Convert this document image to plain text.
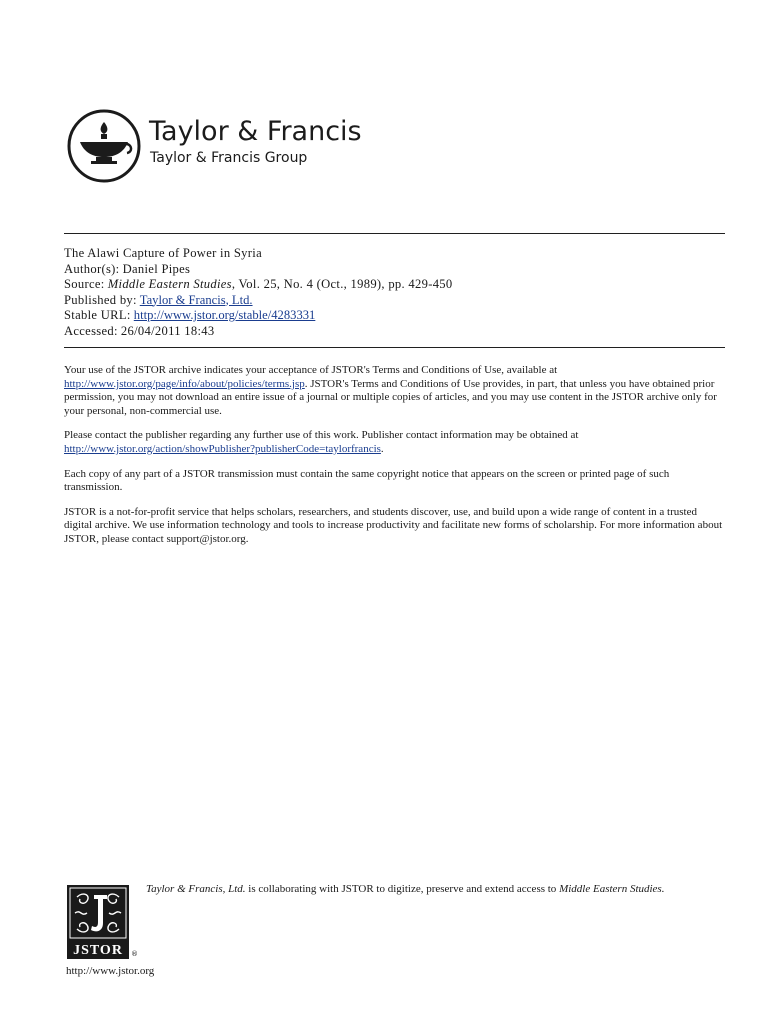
Taylor & Francis
Taylor & Francis Group
The Alawi Capture of Power in Syria
Author(s): Daniel Pipes
Source: Middle Eastern Studies, Vol. 25, No. 4 (Oct., 1989), pp. 429-450
Published by: Taylor & Francis, Ltd.
Stable URL: http://www.jstor.org/stable/4283331
Accessed: 26/04/2011 18:43

Your use of the JSTOR archive indicates your acceptance of JSTOR's Terms and Conditions of Use, available at http://www.jstor.org/page/info/about/policies/terms.jsp. JSTOR's Terms and Conditions of Use provides, in part, that unless you have obtained prior permission, you may not download an entire issue of a journal or multiple copies of articles, and you may use content in the JSTOR archive only for your personal, non-commercial use.

Please contact the publisher regarding any further use of this work. Publisher contact information may be obtained at http://www.jstor.org/action/showPublisher?publisherCode=taylorfrancis.

Each copy of any part of a JSTOR transmission must contain the same copyright notice that appears on the screen or printed page of such transmission.

JSTOR is a not-for-profit service that helps scholars, researchers, and students discover, use, and build upon a wide range of content in a trusted digital archive. We use information technology and tools to increase productivity and facilitate new forms of scholarship. For more information about JSTOR, please contact support@jstor.org.

JSTOR ®
Taylor & Francis, Ltd. is collaborating with JSTOR to digitize, preserve and extend access to Middle Eastern Studies.
http://www.jstor.org
